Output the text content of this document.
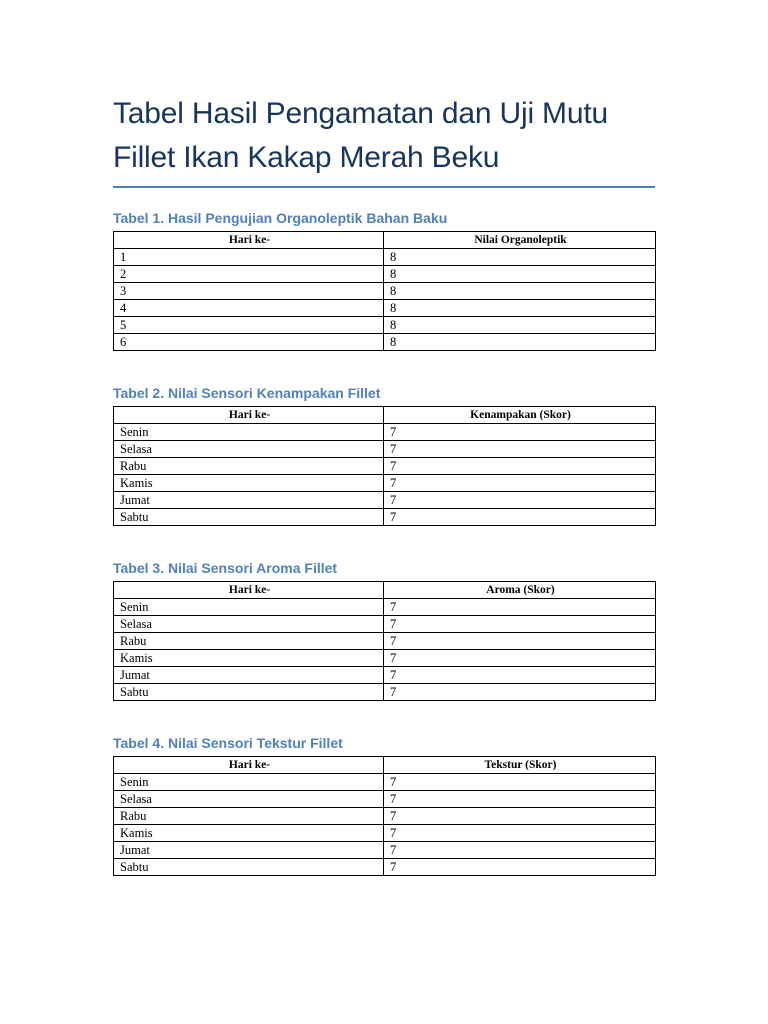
Tabel Hasil Pengamatan dan Uji Mutu Fillet Ikan Kakap Merah Beku
Tabel 1. Hasil Pengujian Organoleptik Bahan Baku
Hari ke-	Nilai Organoleptik
1	8
2	8
3	8
4	8
5	8
6	8
Tabel 2. Nilai Sensori Kenampakan Fillet
Hari ke-	Kenampakan (Skor)
Senin	7
Selasa	7
Rabu	7
Kamis	7
Jumat	7
Sabtu	7
Tabel 3. Nilai Sensori Aroma Fillet
Hari ke-	Aroma (Skor)
Senin	7
Selasa	7
Rabu	7
Kamis	7
Jumat	7
Sabtu	7
Tabel 4. Nilai Sensori Tekstur Fillet
Hari ke-	Tekstur (Skor)
Senin	7
Selasa	7
Rabu	7
Kamis	7
Jumat	7
Sabtu	7
